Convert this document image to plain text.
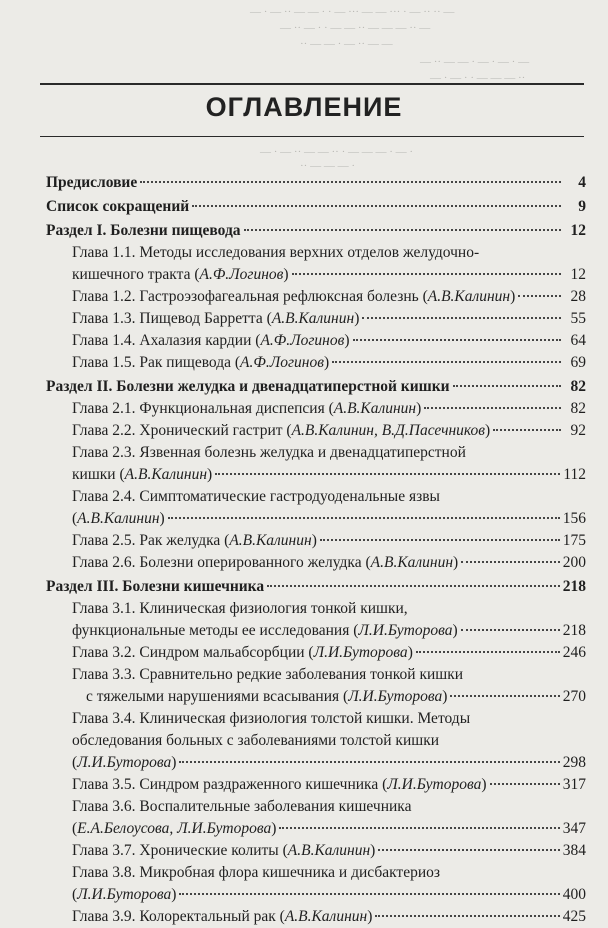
— · — ·· — — · · — ··· — — ··· · — ·· ·· —
— ·· — · · — — ·· — — — ·· —
·· — — · — ·· — —
— ·· — — · — · — · —
— · — · · — — — ··
— · — ·· — — ·· · — — — · — ·
·· — — — ·
ОГЛАВЛЕНИЕ
Предисловие	4
Список сокращений	9
Раздел I. Болезни пищевода	12
Глава 1.1. Методы исследования верхних отделов желудочно-
кишечного тракта (А.Ф.Логинов)	12
Глава 1.2. Гастроэзофагеальная рефлюксная болезнь (А.В.Калинин)	28
Глава 1.3. Пищевод Барретта (А.В.Калинин)	55
Глава 1.4. Ахалазия кардии (А.Ф.Логинов)	64
Глава 1.5. Рак пищевода (А.Ф.Логинов)	69
Раздел II. Болезни желудка и двенадцатиперстной кишки	82
Глава 2.1. Функциональная диспепсия (А.В.Калинин)	82
Глава 2.2. Хронический гастрит (А.В.Калинин, В.Д.Пасечников)	92
Глава 2.3. Язвенная болезнь желудка и двенадцатиперстной
кишки (А.В.Калинин)	112
Глава 2.4. Симптоматические гастродуоденальные язвы
(А.В.Калинин)	156
Глава 2.5. Рак желудка (А.В.Калинин)	175
Глава 2.6. Болезни оперированного желудка (А.В.Калинин)	200
Раздел III. Болезни кишечника	218
Глава 3.1. Клиническая физиология тонкой кишки,
функциональные методы ее исследования (Л.И.Буторова)	218
Глава 3.2. Синдром мальабсорбции (Л.И.Буторова)	246
Глава 3.3. Сравнительно редкие заболевания тонкой кишки
с тяжелыми нарушениями всасывания (Л.И.Буторова)	270
Глава 3.4. Клиническая физиология толстой кишки. Методы
обследования больных с заболеваниями толстой кишки
(Л.И.Буторова)	298
Глава 3.5. Синдром раздраженного кишечника (Л.И.Буторова)	317
Глава 3.6. Воспалительные заболевания кишечника
(Е.А.Белоусова, Л.И.Буторова)	347
Глава 3.7. Хронические колиты (А.В.Калинин)	384
Глава 3.8. Микробная флора кишечника и дисбактериоз
(Л.И.Буторова)	400
Глава 3.9. Колоректальный рак (А.В.Калинин)	425
